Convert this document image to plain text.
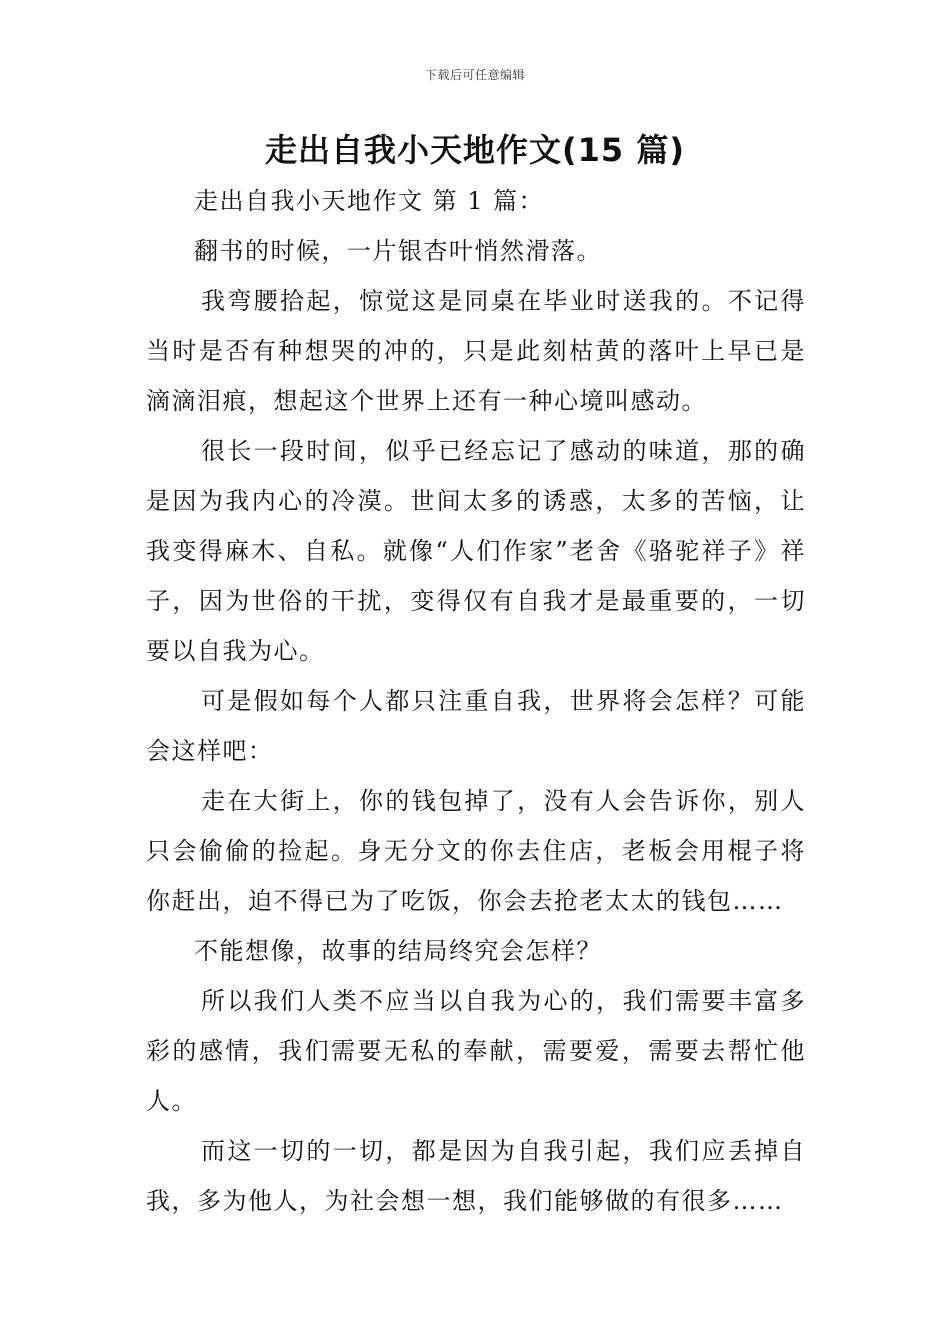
下载后可任意编辑
走出自我小天地作文(15 篇)

走出自我小天地作文 第 1 篇：

翻书的时候，一片银杏叶悄然滑落。

我弯腰拾起，惊觉这是同桌在毕业时送我的。不记得当时是否有种想哭的冲的，只是此刻枯黄的落叶上早已是滴滴泪痕，想起这个世界上还有一种心境叫感动。

很长一段时间，似乎已经忘记了感动的味道，那的确是因为我内心的冷漠。世间太多的诱惑，太多的苦恼，让我变得麻木、自私。就像“人们作家”老舍《骆驼祥子》祥子，因为世俗的干扰，变得仅有自我才是最重要的，一切要以自我为心。

可是假如每个人都只注重自我，世界将会怎样？可能会这样吧：

走在大街上，你的钱包掉了，没有人会告诉你，别人只会偷偷的捡起。身无分文的你去住店，老板会用棍子将你赶出，迫不得已为了吃饭，你会去抢老太太的钱包……

不能想像，故事的结局终究会怎样？

所以我们人类不应当以自我为心的，我们需要丰富多彩的感情，我们需要无私的奉献，需要爱，需要去帮忙他人。

而这一切的一切，都是因为自我引起，我们应丢掉自我，多为他人，为社会想一想，我们能够做的有很多……
